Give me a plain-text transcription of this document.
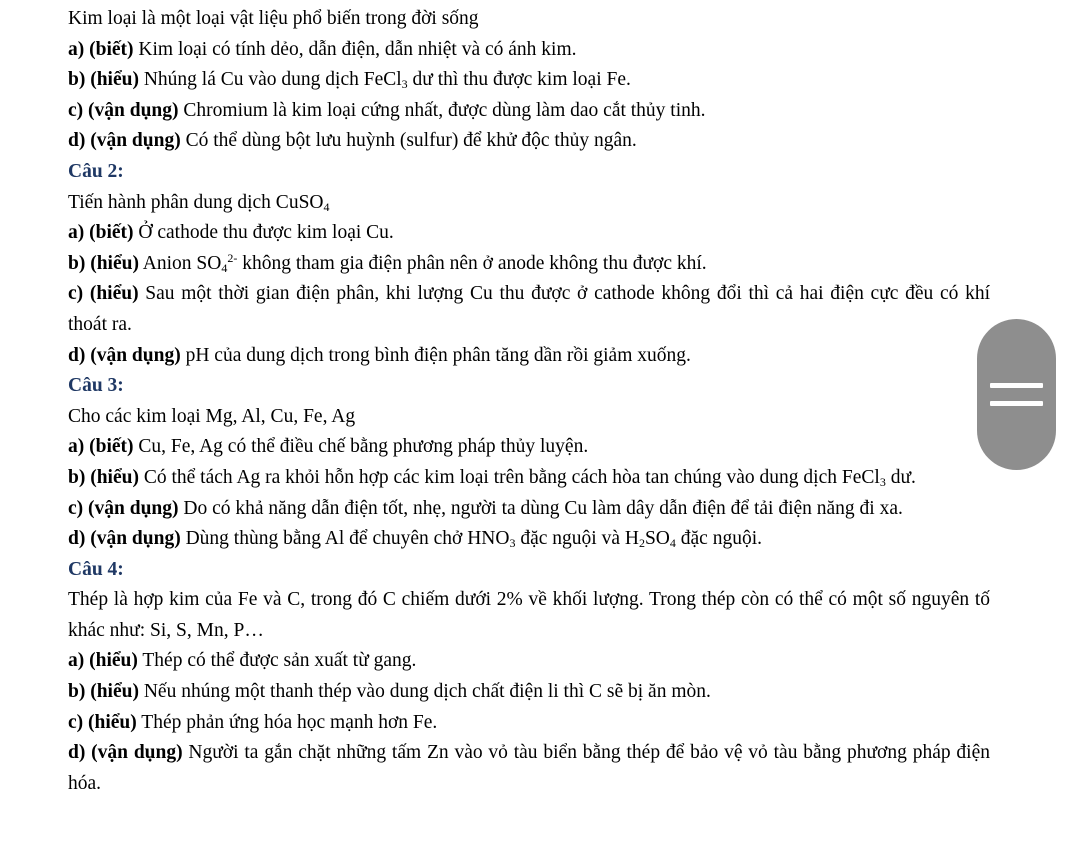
Kim loại là một loại vật liệu phổ biến trong đời sống
a) (biết) Kim loại có tính dẻo, dẫn điện, dẫn nhiệt và có ánh kim.
b) (hiểu) Nhúng lá Cu vào dung dịch FeCl$_3$ dư thì thu được kim loại Fe.
c) (vận dụng) Chromium là kim loại cứng nhất, được dùng làm dao cắt thủy tinh.
d) (vận dụng) Có thể dùng bột lưu huỳnh (sulfur) để khử độc thủy ngân.
Câu 2:
Tiến hành phân dung dịch CuSO$_4$
a) (biết) Ở cathode thu được kim loại Cu.
b) (hiểu) Anion $SO_4^{2-}$ không tham gia điện phân nên ở anode không thu được khí.
c) (hiểu) Sau một thời gian điện phân, khi lượng Cu thu được ở cathode không đổi thì cả hai điện cực đều có khí thoát ra.
d) (vận dụng) pH của dung dịch trong bình điện phân tăng dần rồi giảm xuống.
Câu 3:
Cho các kim loại Mg, Al, Cu, Fe, Ag
a) (biết) Cu, Fe, Ag có thể điều chế bằng phương pháp thủy luyện.
b) (hiểu) Có thể tách Ag ra khỏi hỗn hợp các kim loại trên bằng cách hòa tan chúng vào dung dịch FeCl$_3$ dư.
c) (vận dụng) Do có khả năng dẫn điện tốt, nhẹ, người ta dùng Cu làm dây dẫn điện để tải điện năng đi xa.
d) (vận dụng) Dùng thùng bằng Al để chuyên chở $HNO_3$ đặc nguội và $H_2SO_4$ đặc nguội.
Câu 4:
Thép là hợp kim của Fe và C, trong đó C chiếm dưới 2% về khối lượng. Trong thép còn có thể có một số nguyên tố khác như: Si, S, Mn, P…
a) (hiểu) Thép có thể được sản xuất từ gang.
b) (hiểu) Nếu nhúng một thanh thép vào dung dịch chất điện li thì C sẽ bị ăn mòn.
c) (hiểu) Thép phản ứng hóa học mạnh hơn Fe.
d) (vận dụng) Người ta gắn chặt những tấm Zn vào vỏ tàu biển bằng thép để bảo vệ vỏ tàu bằng phương pháp điện hóa.
